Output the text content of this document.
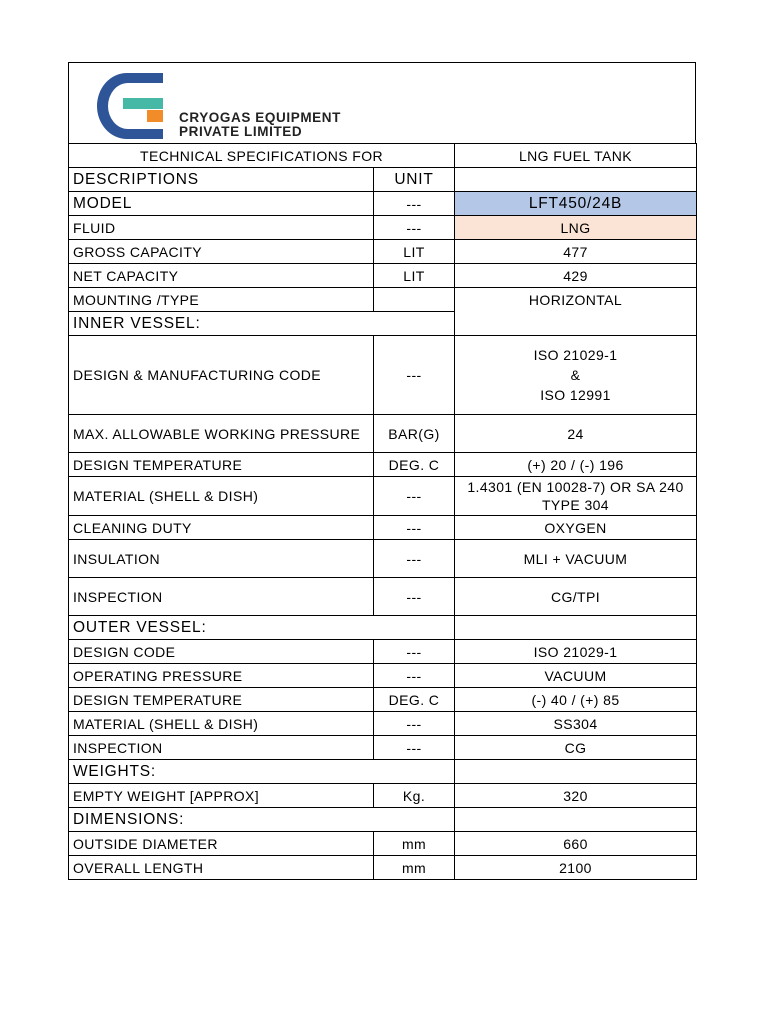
CRYOGAS EQUIPMENT
PRIVATE LIMITED
TECHNICAL SPECIFICATIONS FOR		LNG FUEL TANK
DESCRIPTIONS	UNIT	
MODEL	---	LFT450/24B
FLUID	---	LNG
GROSS CAPACITY	LIT	477
NET CAPACITY	LIT	429
MOUNTING /TYPE		HORIZONTAL
INNER VESSEL:		
DESIGN & MANUFACTURING CODE	---	ISO 21029-1
&
ISO 12991

MAX. ALLOWABLE WORKING PRESSURE	BAR(G)	24
DESIGN TEMPERATURE	DEG. C	(+) 20 / (-) 196
MATERIAL (SHELL & DISH)	---	1.4301 (EN 10028-7) OR SA 240
TYPE 304

CLEANING DUTY	---	OXYGEN
INSULATION	---	MLI + VACUUM
INSPECTION	---	CG/TPI
OUTER VESSEL:		
DESIGN CODE	---	ISO 21029-1
OPERATING PRESSURE	---	VACUUM
DESIGN TEMPERATURE	DEG. C	(-) 40 / (+) 85
MATERIAL (SHELL & DISH)	---	SS304
INSPECTION	---	CG
WEIGHTS:		
EMPTY WEIGHT [APPROX]	Kg.	320
DIMENSIONS:		
OUTSIDE DIAMETER	mm	660
OVERALL LENGTH	mm	2100
